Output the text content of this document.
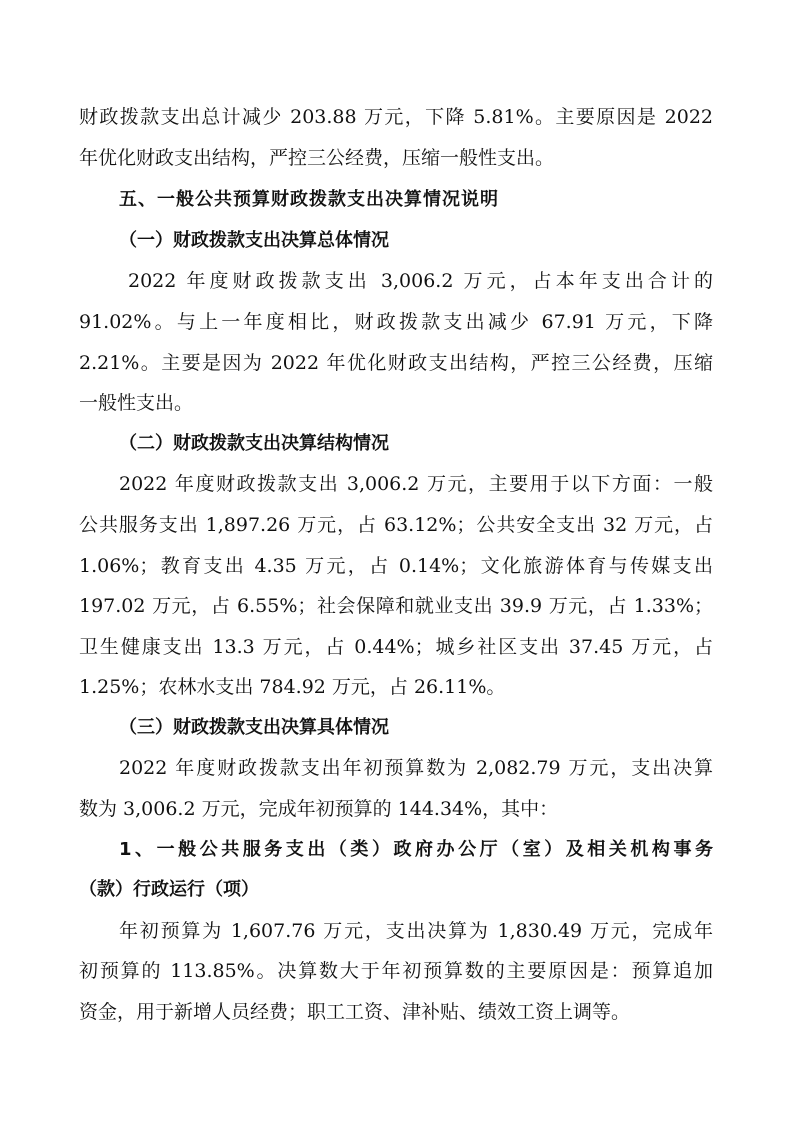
财政拨款支出总计减少 203.88 万元，下降 5.81%。主要原因是 2022
年优化财政支出结构，严控三公经费，压缩一般性支出。
五、一般公共预算财政拨款支出决算情况说明
（一）财政拨款支出决算总体情况
2022 年度财政拨款支出 3,006.2 万元，占本年支出合计的
91.02%。与上一年度相比，财政拨款支出减少 67.91 万元，下降
2.21%。主要是因为 2022 年优化财政支出结构，严控三公经费，压缩
一般性支出。
（二）财政拨款支出决算结构情况
2022 年度财政拨款支出 3,006.2 万元，主要用于以下方面：一般
公共服务支出 1,897.26 万元，占 63.12%；公共安全支出 32 万元，占
1.06%；教育支出 4.35 万元，占 0.14%；文化旅游体育与传媒支出
197.02 万元，占 6.55%；社会保障和就业支出 39.9 万元，占 1.33%；
卫生健康支出 13.3 万元，占 0.44%；城乡社区支出 37.45 万元，占
1.25%；农林水支出 784.92 万元，占 26.11%。
（三）财政拨款支出决算具体情况
2022 年度财政拨款支出年初预算数为 2,082.79 万元，支出决算
数为 3,006.2 万元，完成年初预算的 144.34%，其中：
1、一般公共服务支出（类）政府办公厅（室）及相关机构事务
（款）行政运行（项）
年初预算为 1,607.76 万元，支出决算为 1,830.49 万元，完成年
初预算的 113.85%。决算数大于年初预算数的主要原因是：预算追加
资金，用于新增人员经费；职工工资、津补贴、绩效工资上调等。
